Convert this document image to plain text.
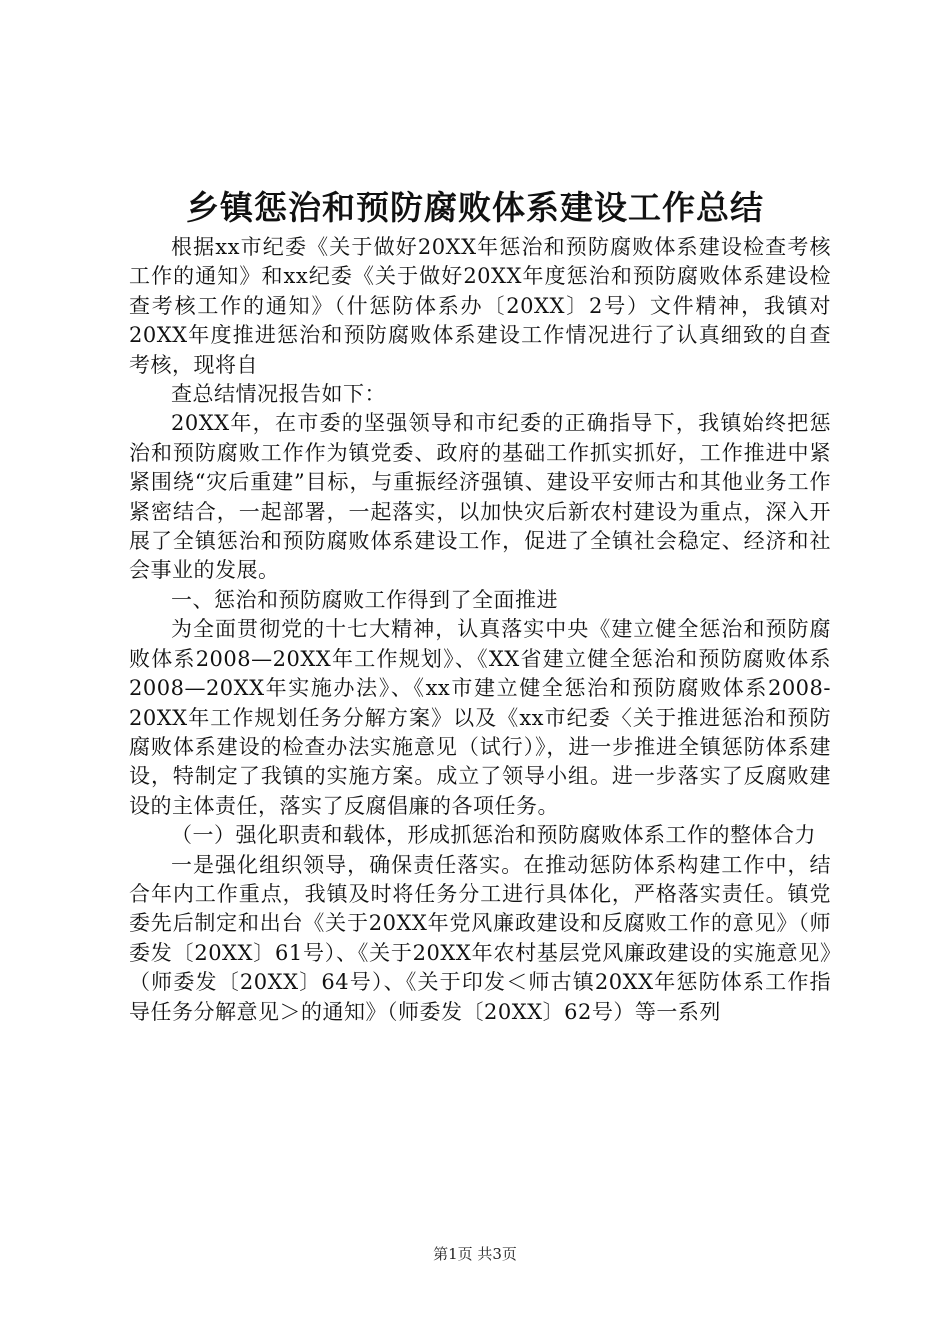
乡镇惩治和预防腐败体系建设工作总结

根据xx市纪委《关于做好20XX年惩治和预防腐败体系建设检查考核工作的通知》和xx纪委《关于做好20XX年度惩治和预防腐败体系建设检查考核工作的通知》（什惩防体系办〔20XX〕2号）文件精神，我镇对20XX年度推进惩治和预防腐败体系建设工作情况进行了认真细致的自查考核，现将自

查总结情况报告如下：

20XX年，在市委的坚强领导和市纪委的正确指导下，我镇始终把惩治和预防腐败工作作为镇党委、政府的基础工作抓实抓好，工作推进中紧紧围绕“灾后重建”目标，与重振经济强镇、建设平安师古和其他业务工作紧密结合，一起部署，一起落实，以加快灾后新农村建设为重点，深入开展了全镇惩治和预防腐败体系建设工作，促进了全镇社会稳定、经济和社会事业的发展。

一、惩治和预防腐败工作得到了全面推进

为全面贯彻党的十七大精神，认真落实中央《建立健全惩治和预防腐败体系2008—20XX年工作规划》、《XX省建立健全惩治和预防腐败体系2008—20XX年实施办法》、《xx市建立健全惩治和预防腐败体系2008-20XX年工作规划任务分解方案》以及《xx市纪委〈关于推进惩治和预防腐败体系建设的检查办法实施意见（试行）》，进一步推进全镇惩防体系建设，特制定了我镇的实施方案。成立了领导小组。进一步落实了反腐败建设的主体责任，落实了反腐倡廉的各项任务。

（一）强化职责和载体，形成抓惩治和预防腐败体系工作的整体合力

一是强化组织领导，确保责任落实。在推动惩防体系构建工作中，结合年内工作重点，我镇及时将任务分工进行具体化，严格落实责任。镇党委先后制定和出台《关于20XX年党风廉政建设和反腐败工作的意见》（师委发〔20XX〕61号）、《关于20XX年农村基层党风廉政建设的实施意见》（师委发〔20XX〕64号）、《关于印发＜师古镇20XX年惩防体系工作指导任务分解意见＞的通知》（师委发〔20XX〕62号）等一系列

第1页 共3页
